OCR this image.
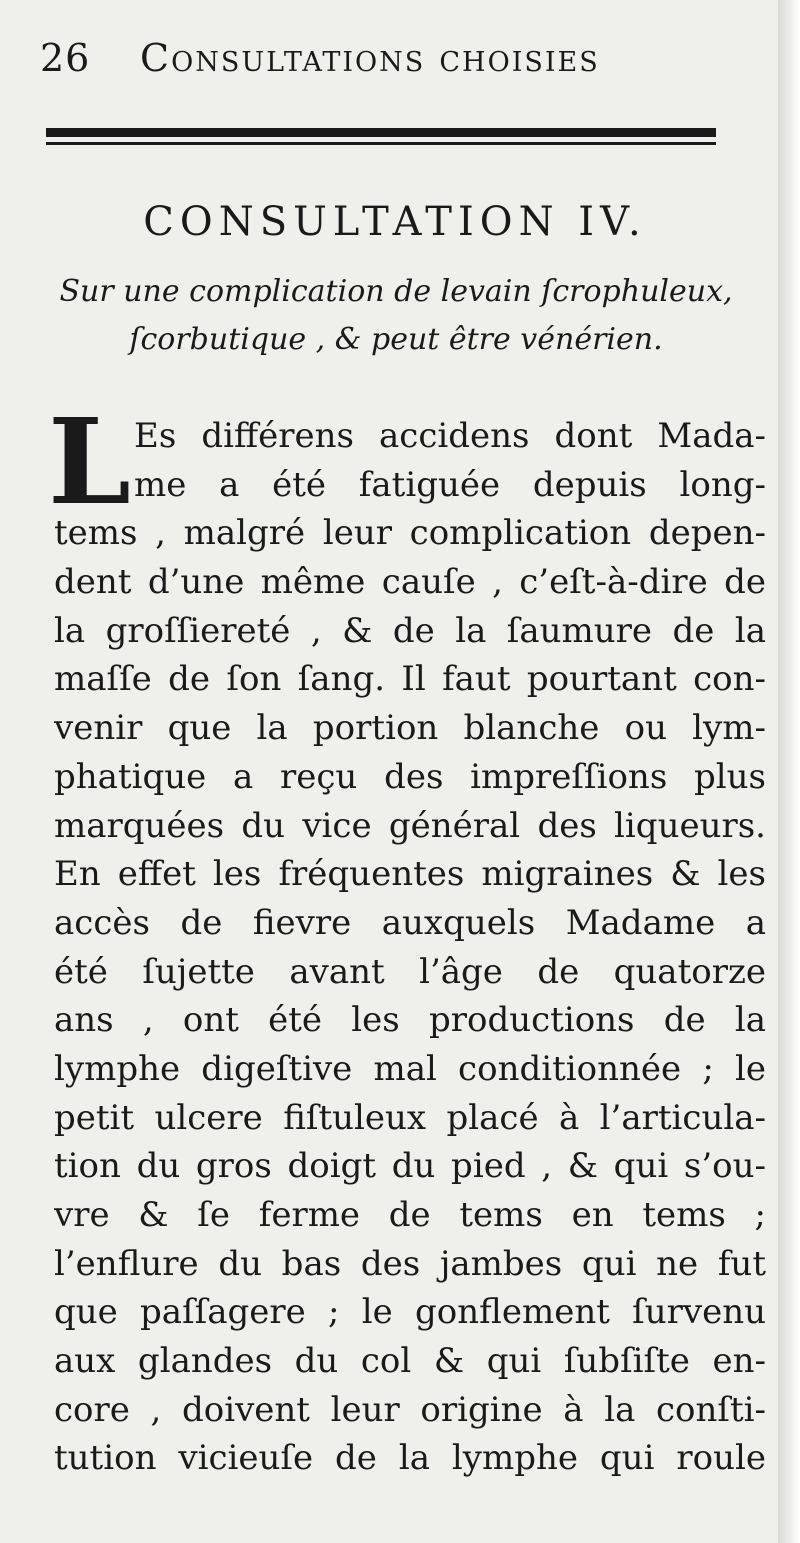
26 Consultations choisies
CONSULTATION IV.
Sur une complication de levain ſcrophuleux,
ſcorbutique , & peut être vénérien.
L Es différens accidens dont Mada-
me a été fatiguée depuis long-
tems , malgré leur complication depen-
dent d’une même cauſe , c’eſt-à-dire de
la groſſiereté , & de la ſaumure de la
maſſe de ſon ſang. Il faut pourtant con-
venir que la portion blanche ou lym-
phatique a reçu des impreſſions plus
marquées du vice général des liqueurs.
En effet les fréquentes migraines & les
accès de fievre auxquels Madame a
été ſujette avant l’âge de quatorze
ans , ont été les productions de la
lymphe digeſtive mal conditionnée ; le
petit ulcere fiſtuleux placé à l’articula-
tion du gros doigt du pied , & qui s’ou-
vre & ſe ferme de tems en tems ;
l’enflure du bas des jambes qui ne fut
que paſſagere ; le gonflement ſurvenu
aux glandes du col & qui ſubſiſte en-
core , doivent leur origine à la conſti-
tution vicieuſe de la lymphe qui roule
